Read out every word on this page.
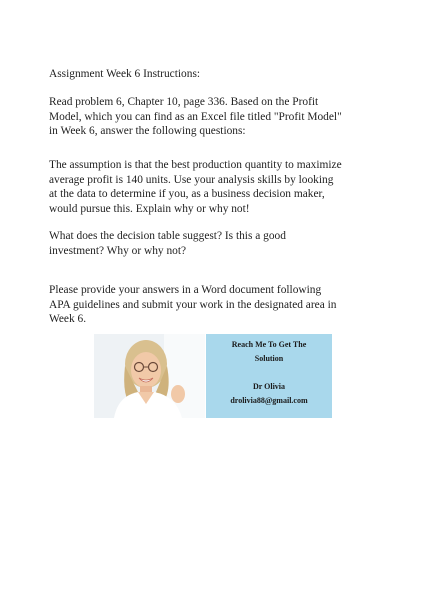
Assignment Week 6 Instructions:

Read problem 6, Chapter 10, page 336. Based on the Profit
Model, which you can find as an Excel file titled "Profit Model"
in Week 6, answer the following questions:

The assumption is that the best production quantity to maximize
average profit is 140 units. Use your analysis skills by looking
at the data to determine if you, as a business decision maker,
would pursue this. Explain why or why not!

What does the decision table suggest? Is this a good
investment? Why or why not?

Please provide your answers in a Word document following
APA guidelines and submit your work in the designated area in
Week 6.

Reach Me To Get The
Solution
Dr Olivia
drolivia88@gmail.com
